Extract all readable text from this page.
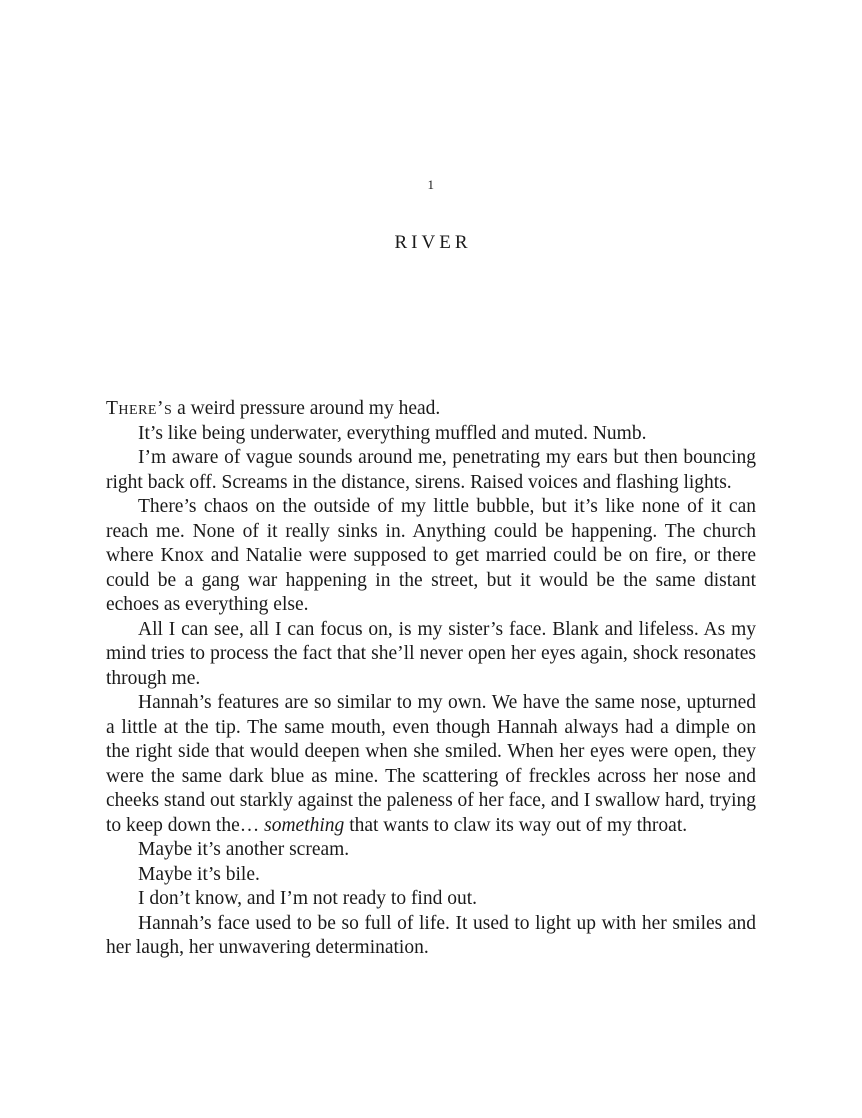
1
RIVER

There’s a weird pressure around my head.

It’s like being underwater, everything muffled and muted. Numb.

I’m aware of vague sounds around me, penetrating my ears but then bouncing right back off. Screams in the distance, sirens. Raised voices and flashing lights.

There’s chaos on the outside of my little bubble, but it’s like none of it can reach me. None of it really sinks in. Anything could be happening. The church where Knox and Natalie were supposed to get married could be on fire, or there could be a gang war happening in the street, but it would be the same distant echoes as everything else.

All I can see, all I can focus on, is my sister’s face. Blank and lifeless. As my mind tries to process the fact that she’ll never open her eyes again, shock resonates through me.

Hannah’s features are so similar to my own. We have the same nose, upturned a little at the tip. The same mouth, even though Hannah always had a dimple on the right side that would deepen when she smiled. When her eyes were open, they were the same dark blue as mine. The scattering of freckles across her nose and cheeks stand out starkly against the paleness of her face, and I swallow hard, trying to keep down the… something that wants to claw its way out of my throat.

Maybe it’s another scream.

Maybe it’s bile.

I don’t know, and I’m not ready to find out.

Hannah’s face used to be so full of life. It used to light up with her smiles and her laugh, her unwavering determination.
